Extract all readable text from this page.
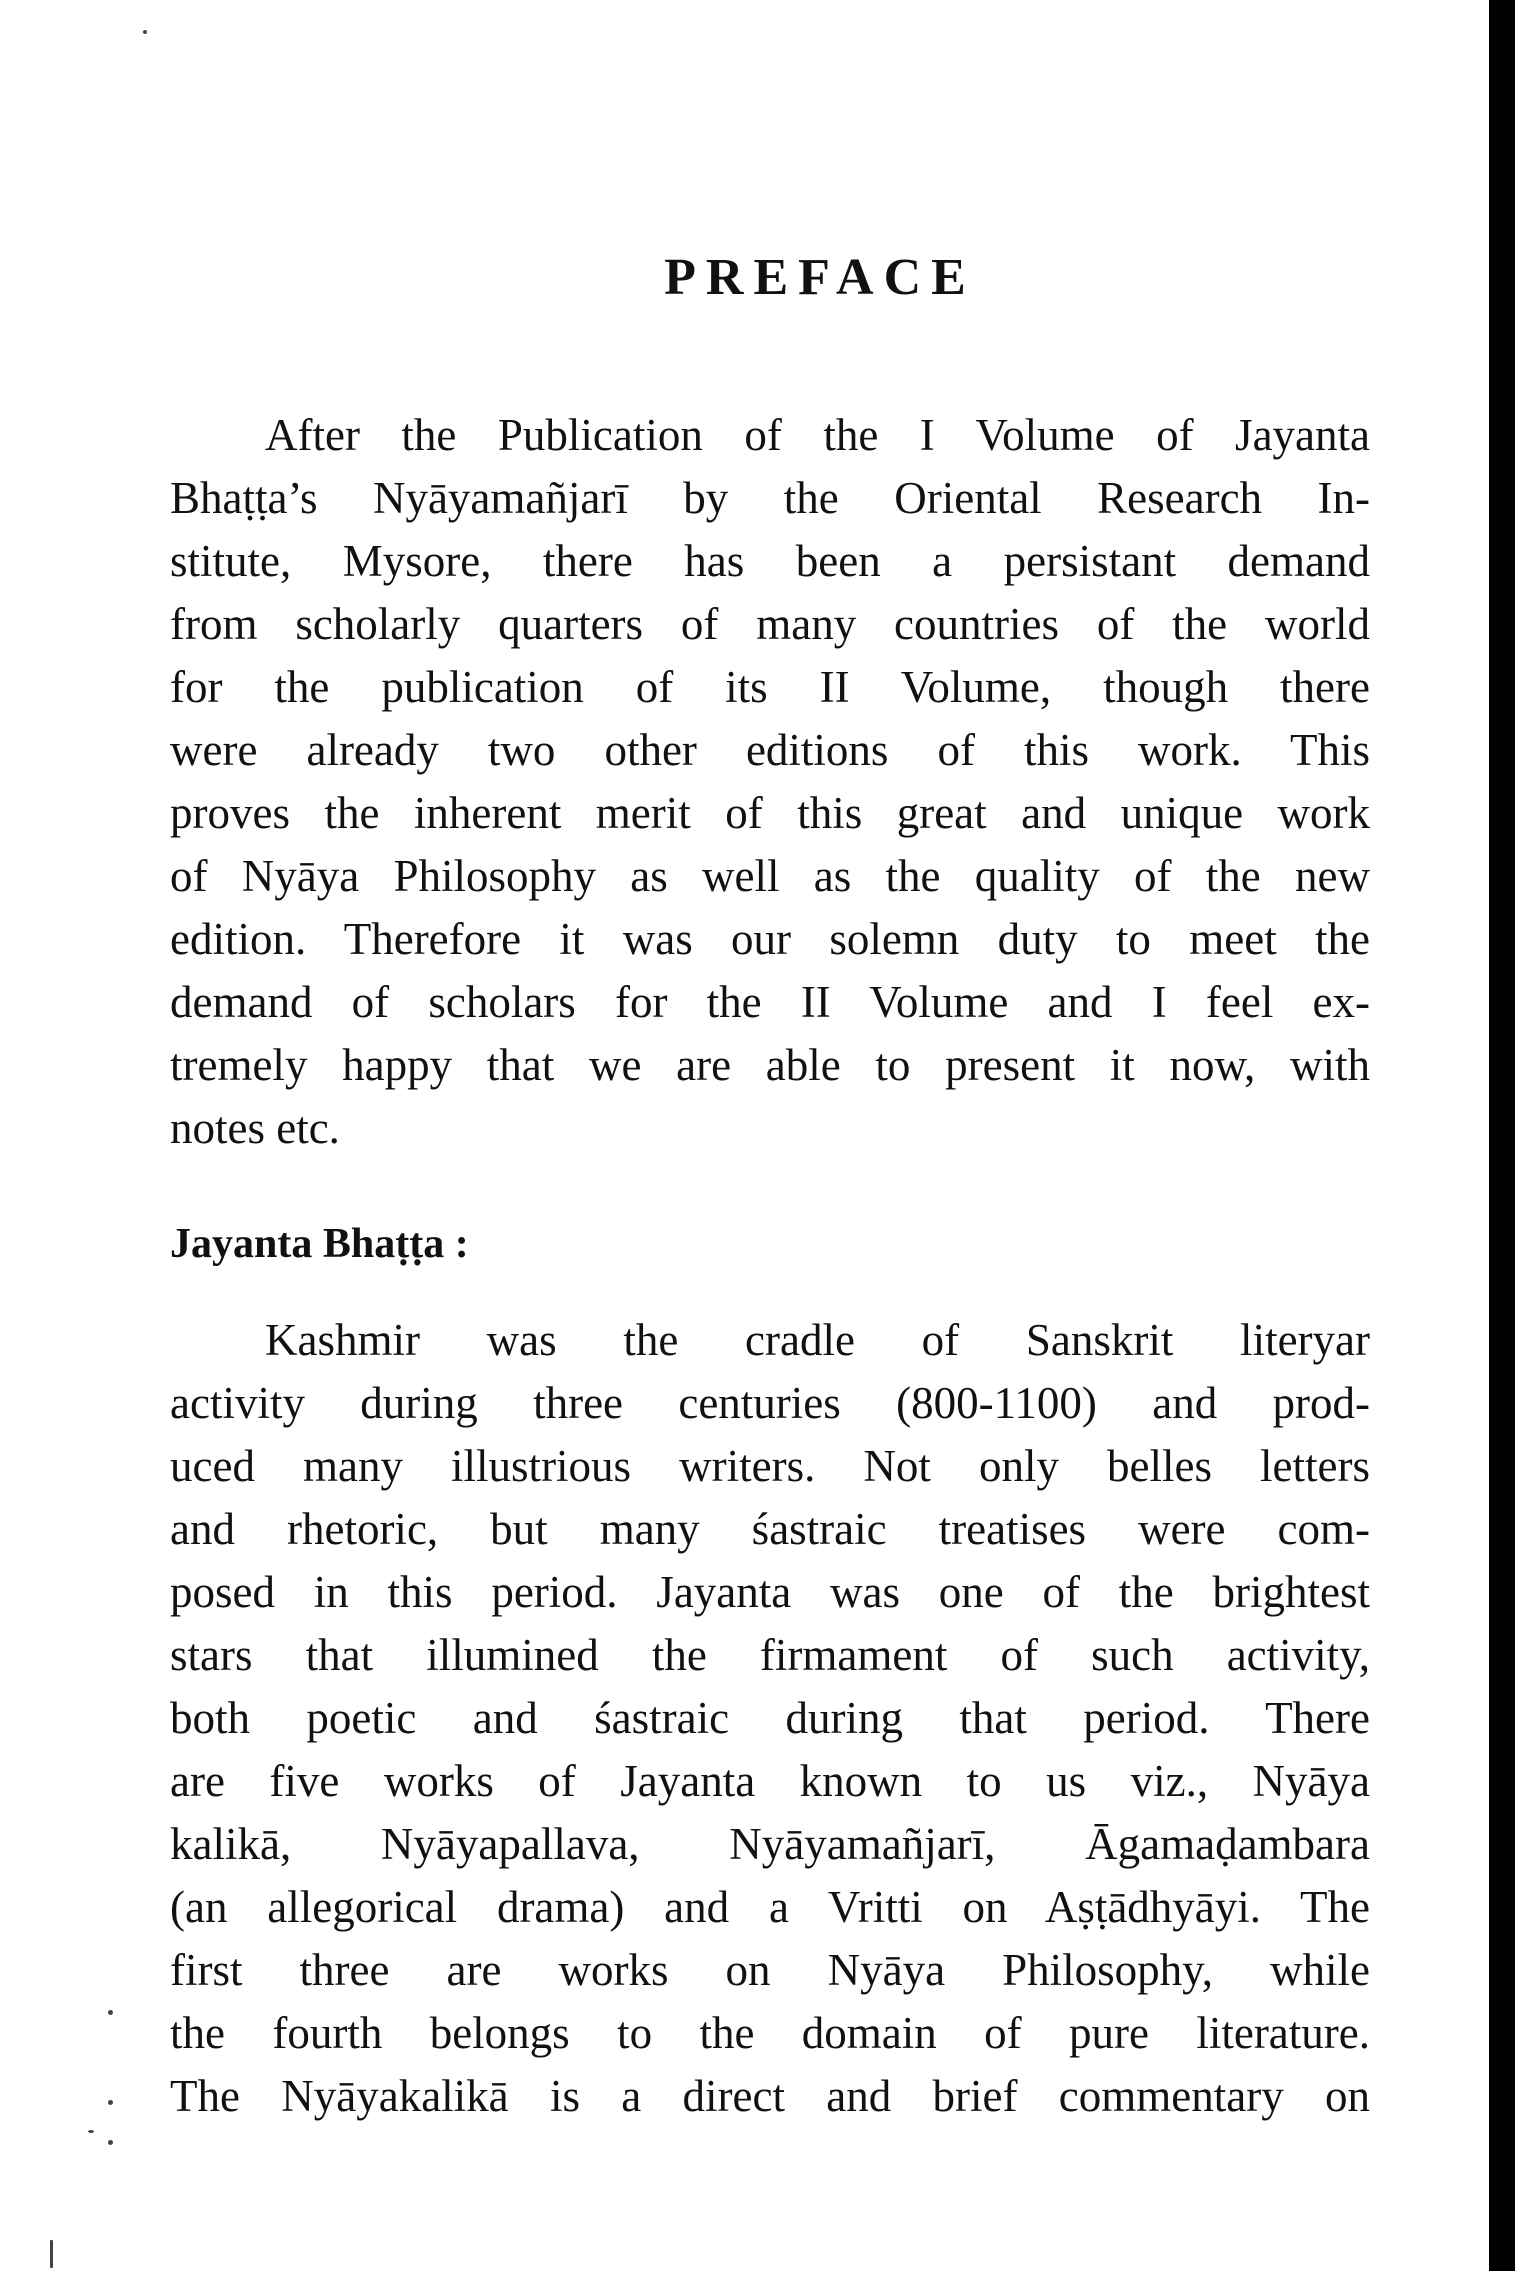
PREFACE
After the Publication of the I Volume of Jayanta
Bhaṭṭa’s Nyāyamañjarī by the Oriental Research In-
stitute, Mysore, there has been a persistant demand
from scholarly quarters of many countries of the world
for the publication of its II Volume, though there
were already two other editions of this work. This
proves the inherent merit of this great and unique work
of Nyāya Philosophy as well as the quality of the new
edition. Therefore it was our solemn duty to meet the
demand of scholars for the II Volume and I feel ex-
tremely happy that we are able to present it now, with
notes etc.
Jayanta Bhaṭṭa :
Kashmir was the cradle of Sanskrit literyar
activity during three centuries (800-1100) and prod-
uced many illustrious writers. Not only belles letters
and rhetoric, but many śastraic treatises were com-
posed in this period. Jayanta was one of the brightest
stars that illumined the firmament of such activity,
both poetic and śastraic during that period. There
are five works of Jayanta known to us viz., Nyāya
kalikā, Nyāyapallava, Nyāyamañjarī, Āgamaḍambara
(an allegorical drama) and a Vritti on Aṣṭādhyāyi. The
first three are works on Nyāya Philosophy, while
the fourth belongs to the domain of pure literature.
The Nyāyakalikā is a direct and brief commentary on
